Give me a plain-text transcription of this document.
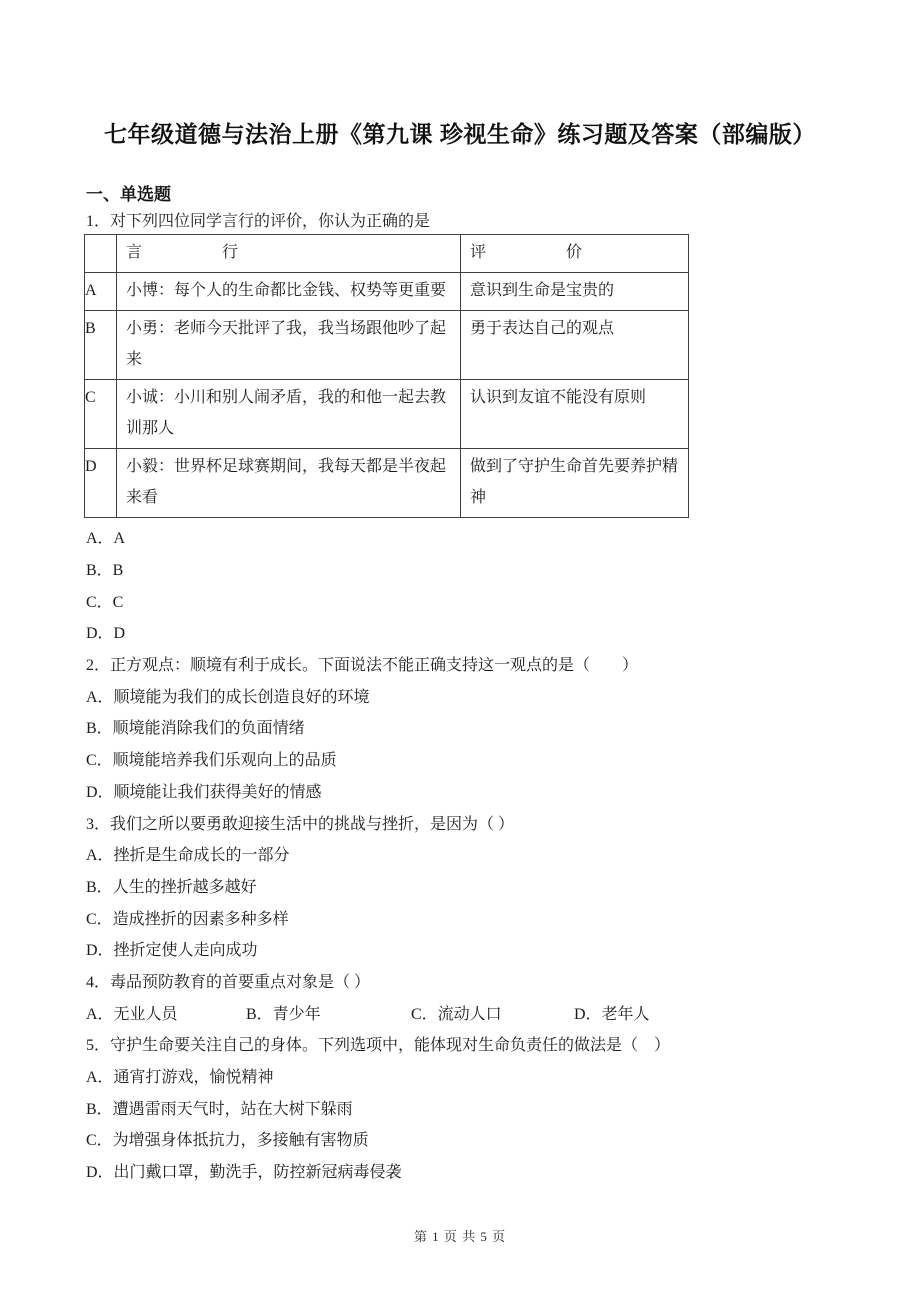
七年级道德与法治上册《第九课 珍视生命》练习题及答案（部编版）
一、单选题
1．对下列四位同学言行的评价，你认为正确的是
	言　　　　　行	评　　　　　价
A	小博：每个人的生命都比金钱、权势等更重要	意识到生命是宝贵的
B	小勇：老师今天批评了我，我当场跟他吵了起来	勇于表达自己的观点
C	小诚：小川和别人闹矛盾，我的和他一起去教训那人	认识到友谊不能没有原则
D	小毅：世界杯足球赛期间，我每天都是半夜起来看	做到了守护生命首先要养护精神
A．A
B．B
C．C
D．D
2．正方观点：顺境有利于成长。下面说法不能正确支持这一观点的是（　　）
A．顺境能为我们的成长创造良好的环境
B．顺境能消除我们的负面情绪
C．顺境能培养我们乐观向上的品质
D．顺境能让我们获得美好的情感
3．我们之所以要勇敢迎接生活中的挑战与挫折，是因为（ ）
A．挫折是生命成长的一部分
B．人生的挫折越多越好
C．造成挫折的因素多种多样
D．挫折定使人走向成功
4．毒品预防教育的首要重点对象是（ ）
A．无业人员	B．青少年	C．流动人口	D．老年人
5．守护生命要关注自己的身体。下列选项中，能体现对生命负责任的做法是（　）
A．通宵打游戏，愉悦精神
B．遭遇雷雨天气时，站在大树下躲雨
C．为增强身体抵抗力，多接触有害物质
D．出门戴口罩，勤洗手，防控新冠病毒侵袭
第 1 页 共 5 页
